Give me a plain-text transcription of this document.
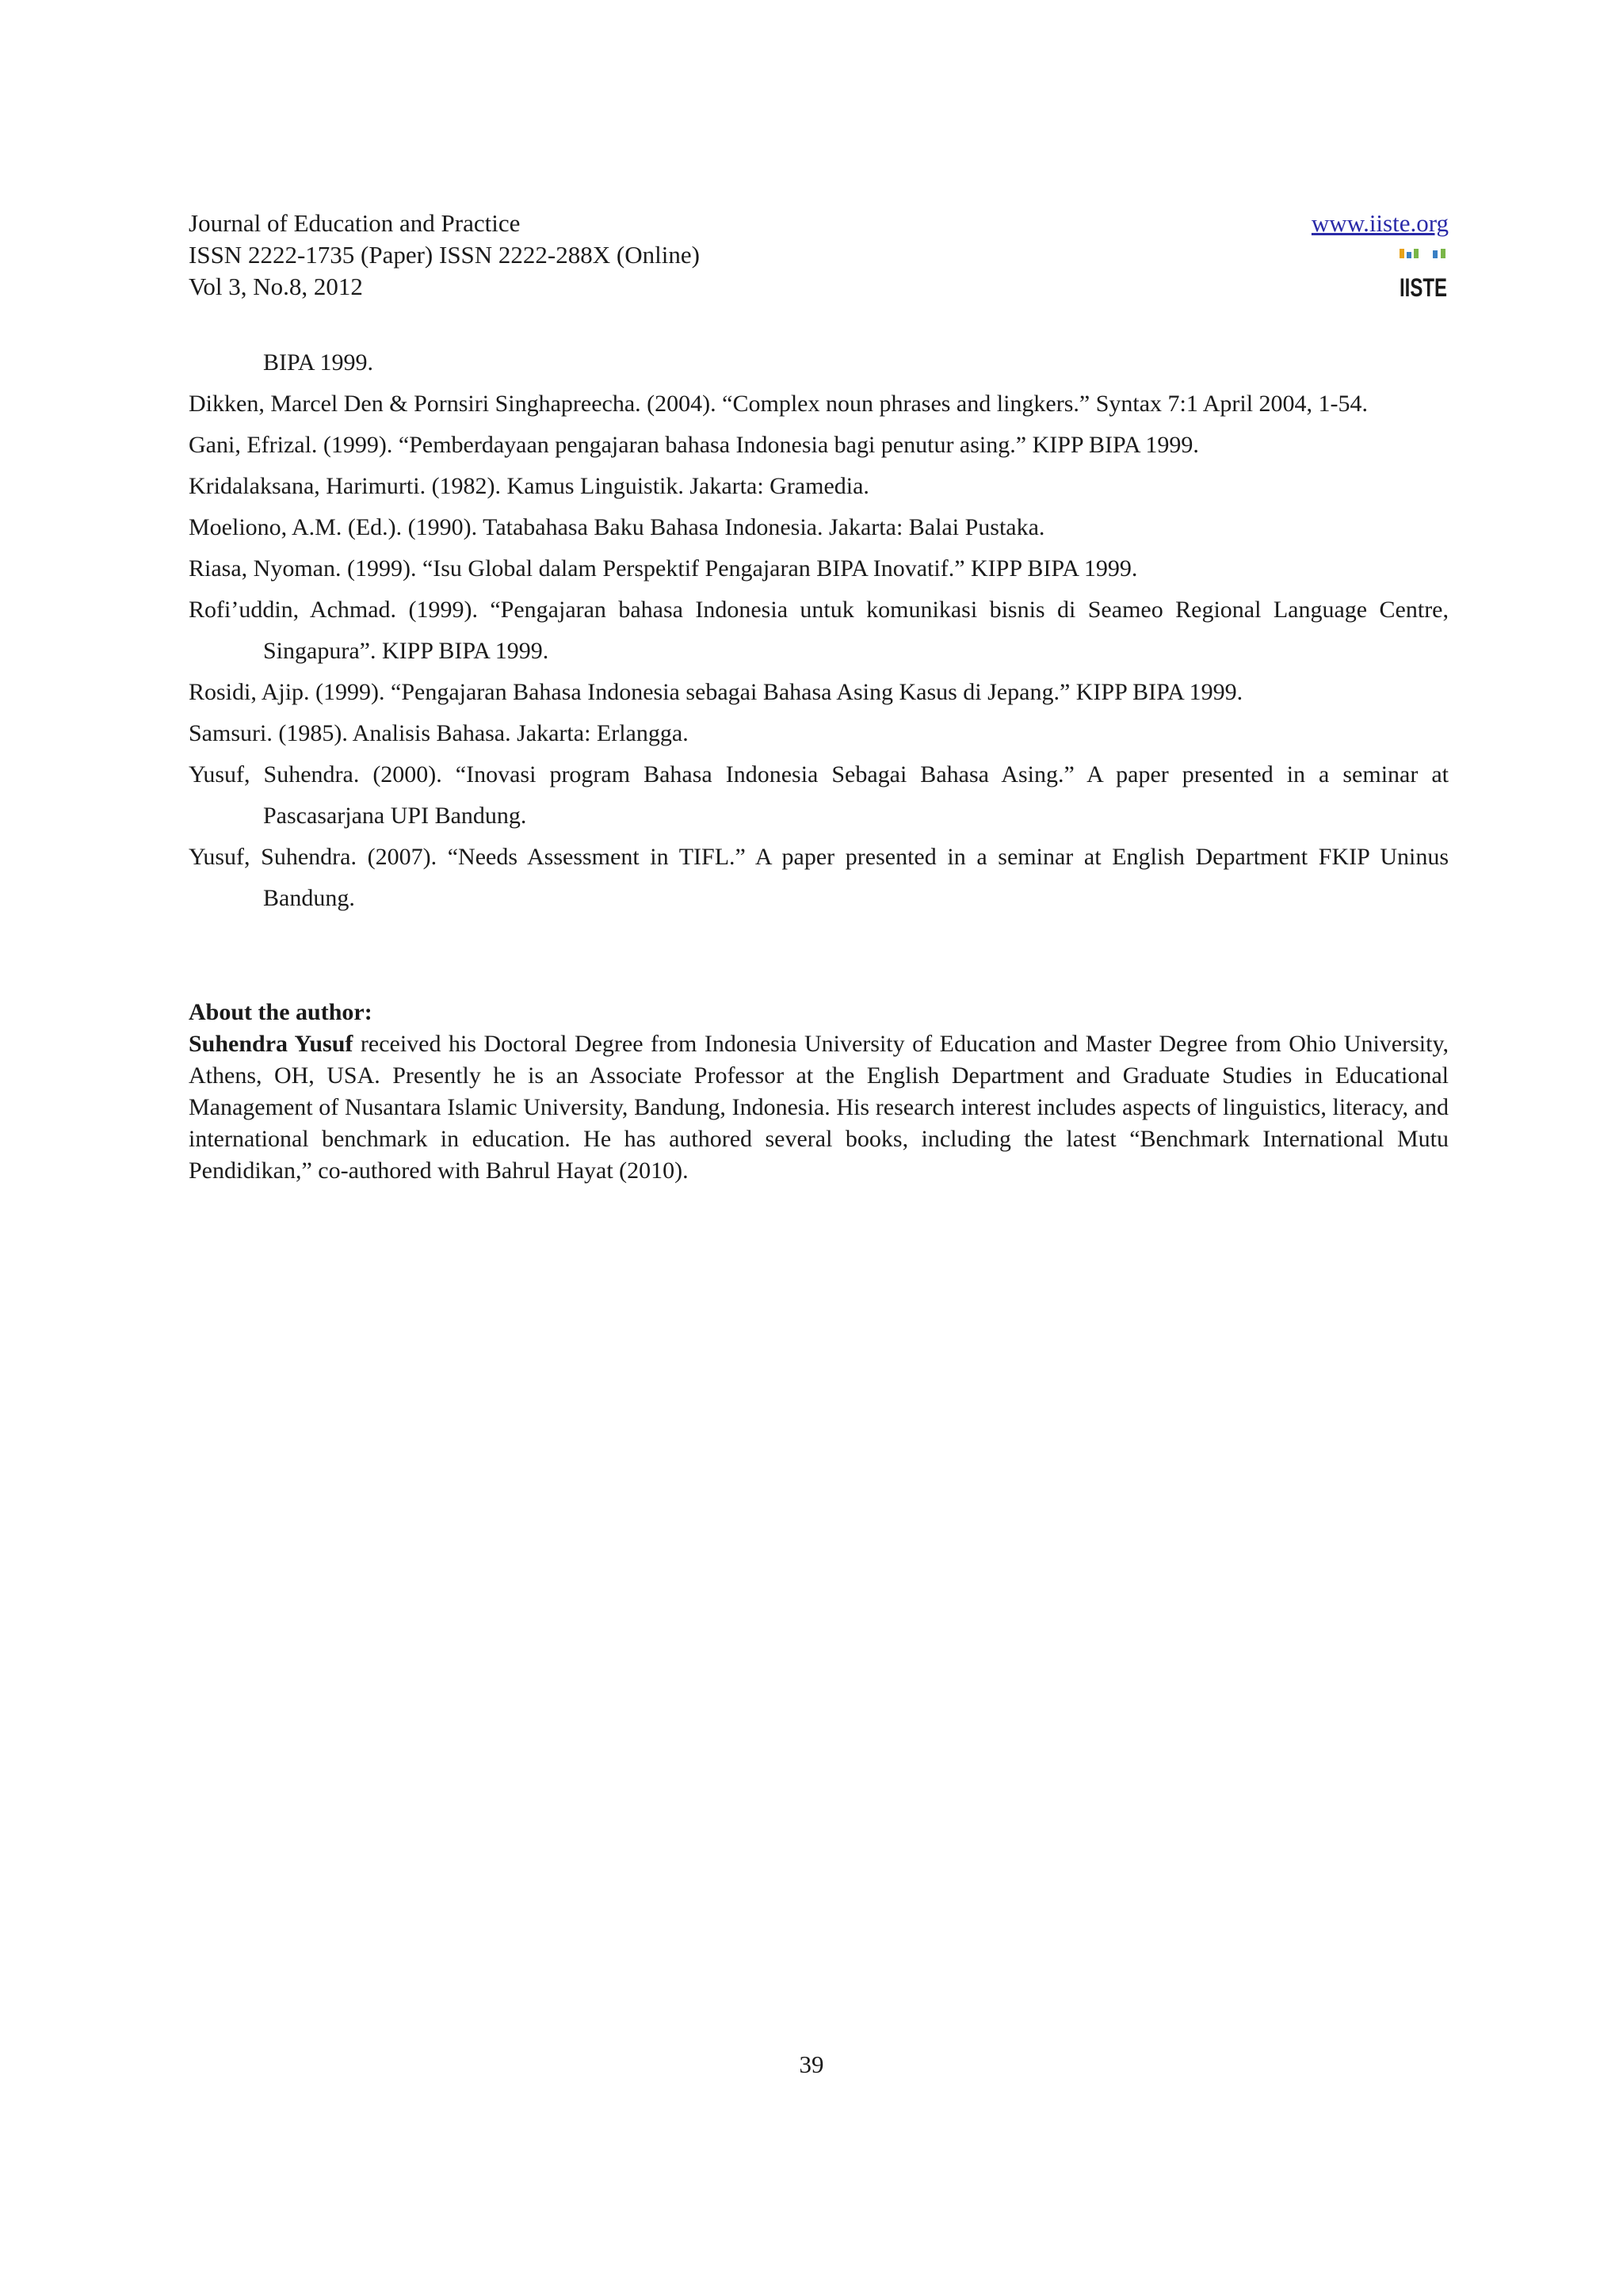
Journal of Education and Practice
ISSN 2222-1735 (Paper) ISSN 2222-288X (Online)
Vol 3, No.8, 2012
www.iiste.org
IISTE

BIPA 1999.

Dikken, Marcel Den & Pornsiri Singhapreecha. (2004). “Complex noun phrases and lingkers.” Syntax 7:1 April 2004, 1-54.

Gani, Efrizal. (1999). “Pemberdayaan pengajaran bahasa Indonesia bagi penutur asing.” KIPP BIPA 1999.

Kridalaksana, Harimurti. (1982). Kamus Linguistik. Jakarta: Gramedia.

Moeliono, A.M. (Ed.). (1990). Tatabahasa Baku Bahasa Indonesia. Jakarta: Balai Pustaka.

Riasa, Nyoman. (1999). “Isu Global dalam Perspektif Pengajaran BIPA Inovatif.” KIPP BIPA 1999.

Rofi’uddin, Achmad. (1999). “Pengajaran bahasa Indonesia untuk komunikasi bisnis di Seameo Regional Language Centre, Singapura”. KIPP BIPA 1999.

Rosidi, Ajip. (1999). “Pengajaran Bahasa Indonesia sebagai Bahasa Asing Kasus di Jepang.” KIPP BIPA 1999.

Samsuri. (1985). Analisis Bahasa. Jakarta: Erlangga.

Yusuf, Suhendra. (2000). “Inovasi program Bahasa Indonesia Sebagai Bahasa Asing.” A paper presented in a seminar at Pascasarjana UPI Bandung.

Yusuf, Suhendra. (2007). “Needs Assessment in TIFL.” A paper presented in a seminar at English Department FKIP Uninus Bandung.

About the author:

Suhendra Yusuf received his Doctoral Degree from Indonesia University of Education and Master Degree from Ohio University, Athens, OH, USA. Presently he is an Associate Professor at the English Department and Graduate Studies in Educational Management of Nusantara Islamic University, Bandung, Indonesia. His research interest includes aspects of linguistics, literacy, and international benchmark in education. He has authored several books, including the latest “Benchmark International Mutu Pendidikan,” co-authored with Bahrul Hayat (2010).

39
